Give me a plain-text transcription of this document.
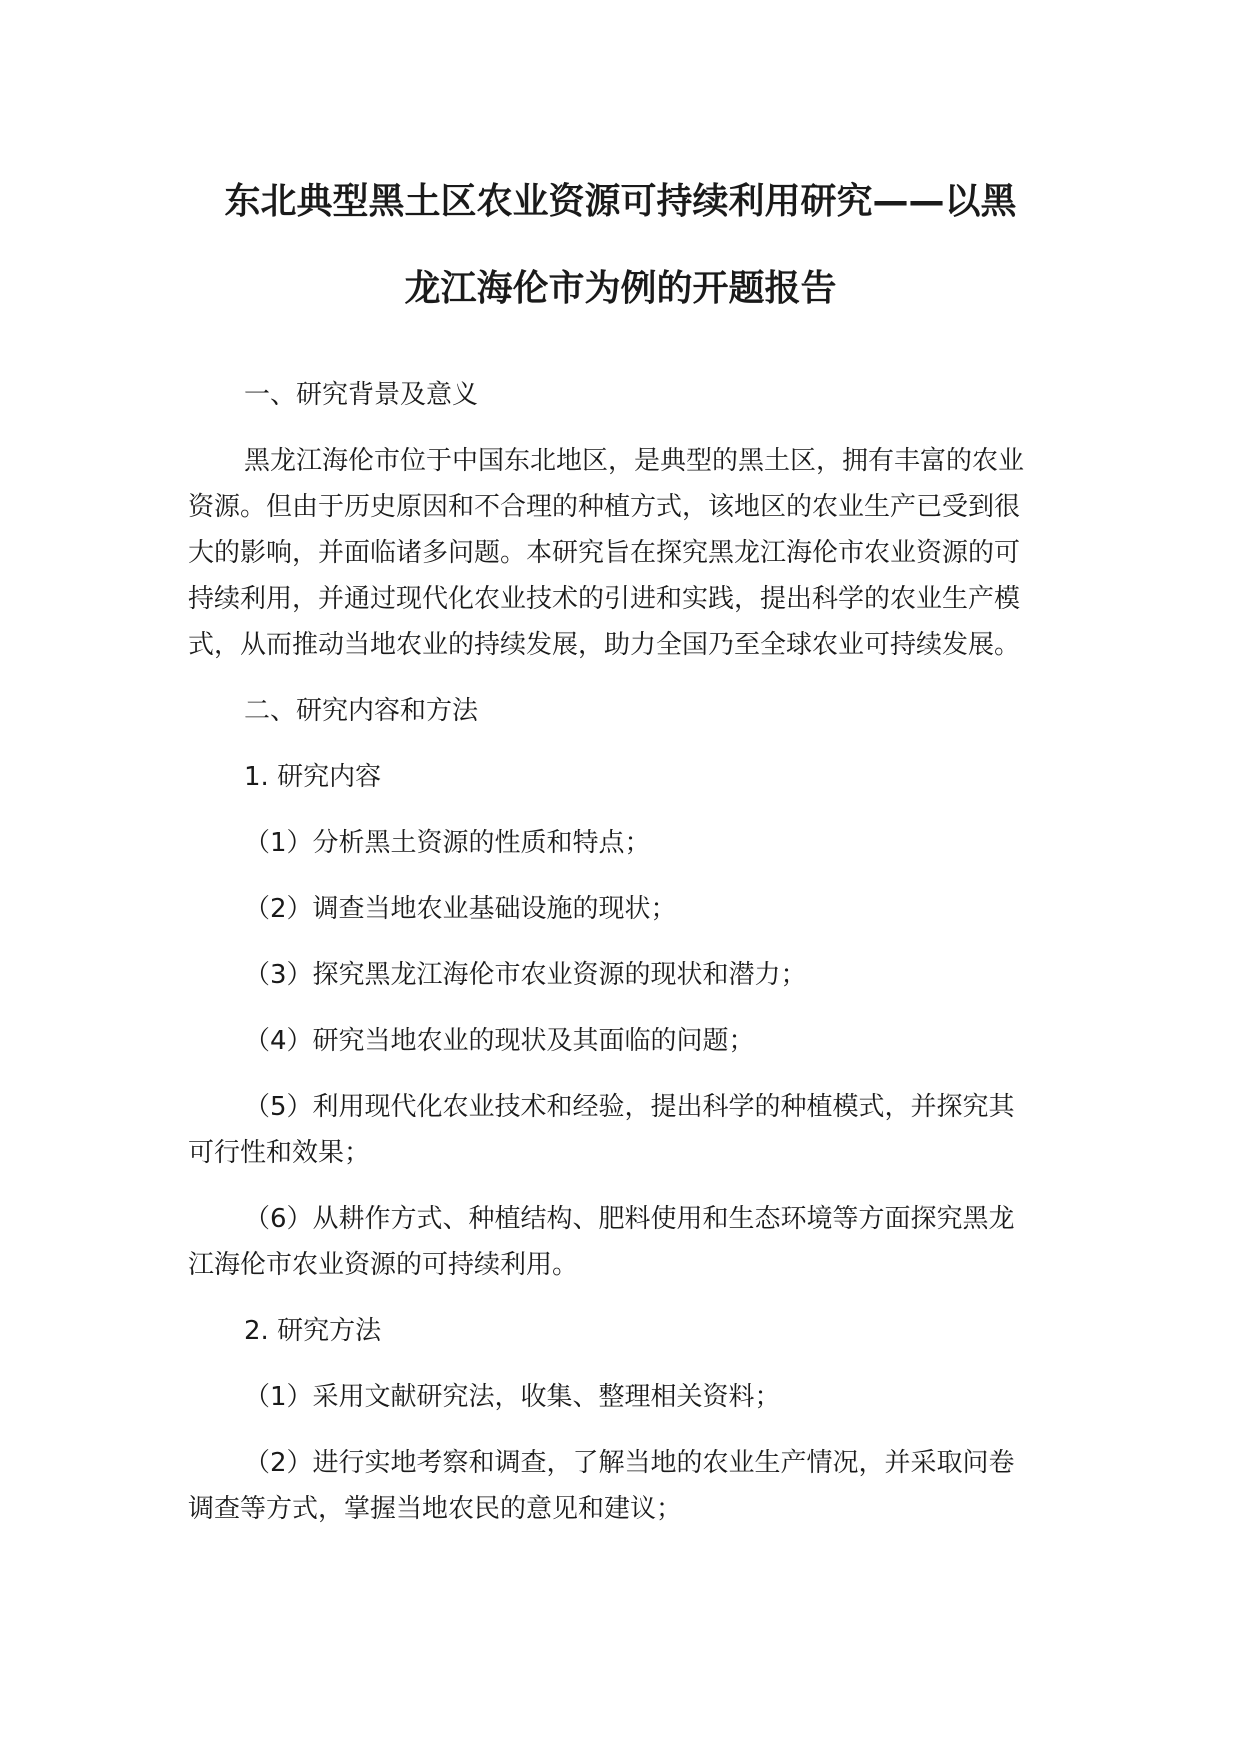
东北典型黑土区农业资源可持续利用研究——以黑
龙江海伦市为例的开题报告

一、研究背景及意义

黑龙江海伦市位于中国东北地区，是典型的黑土区，拥有丰富的农业资源。但由于历史原因和不合理的种植方式，该地区的农业生产已受到很大的影响，并面临诸多问题。本研究旨在探究黑龙江海伦市农业资源的可持续利用，并通过现代化农业技术的引进和实践，提出科学的农业生产模式，从而推动当地农业的持续发展，助力全国乃至全球农业可持续发展。

二、研究内容和方法

1. 研究内容

（1）分析黑土资源的性质和特点；

（2）调查当地农业基础设施的现状；

（3）探究黑龙江海伦市农业资源的现状和潜力；

（4）研究当地农业的现状及其面临的问题；

（5）利用现代化农业技术和经验，提出科学的种植模式，并探究其可行性和效果；

（6）从耕作方式、种植结构、肥料使用和生态环境等方面探究黑龙江海伦市农业资源的可持续利用。

2. 研究方法

（1）采用文献研究法，收集、整理相关资料；

（2）进行实地考察和调查，了解当地的农业生产情况，并采取问卷调查等方式，掌握当地农民的意见和建议；
